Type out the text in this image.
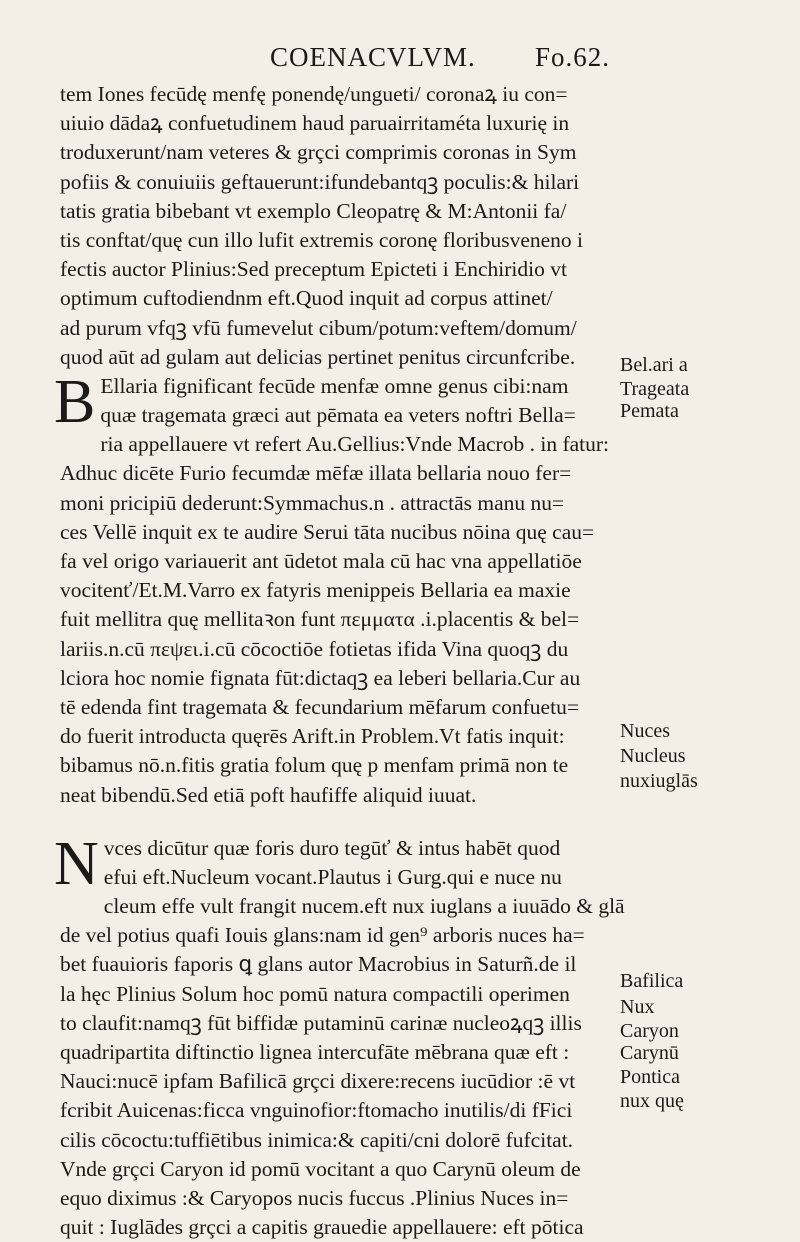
COENACVLVM. Fo.62.
tem Iones fecūdę menfę ponendę/ungueti/ coronaꝝ iu con=
uiuio dādaꝝ confuetudinem haud paruairritaméta luxurię in
troduxerunt/nam veteres & grçci comprimis coronas in Sym
pofiis & conuiuiis geftauerunt:ifundebantqꝫ poculis:& hilari
tatis gratia bibebant vt exemplo Cleopatrę & M:Antonii fa/
tis conftat/quę cun illo lufit extremis coronę floribusveneno i
fectis auctor Plinius:Sed preceptum Epicteti i Enchiridio vt
optimum cuftodiendnm eft.Quod inquit ad corpus attinet/
ad purum vfqꝫ vfū fumevelut cibum/potum:veftem/domum/
quod aūt ad gulam aut delicias pertinet penitus circunfcribe.
B Ellaria fignificant fecūde menfæ omne genus cibi:nam
quæ tragemata græci aut pēmata ea veters noftri Bella=
ria appellauere vt refert Au.Gellius:Vnde Macrob . in fatur:
Adhuc dicēte Furio fecumdæ mēfæ illata bellaria nouo fer=
moni pricipiū dederunt:Symmachus.n . attractās manu nu=
ces Vellē inquit ex te audire Serui tāta nucibus nōina quę cau=
fa vel origo variauerit ant ūdetot mala cū hac vna appellatiōe
vocitenť/Et.M.Varro ex fatyris menippeis Bellaria ea maxie
fuit mellitra quę mellitaꝛon funt πεμματα .i.placentis & bel=
lariis.n.cū πεψει.i.cū cōcoctiōe fotietas ifida Vina quoqꝫ du
lciora hoc nomie fignata fūt:dictaqꝫ ea leberi bellaria.Cur au
tē edenda fint tragemata & fecundarium mēfarum confuetu=
do fuerit introducta quęrēs Arift.in Problem.Vt fatis inquit:
bibamus nō.n.fitis gratia folum quę p menfam primā non te
neat bibendū.Sed etiā poft haufiffe aliquid iuuat.
N vces dicūtur quæ foris duro tegūť & intus habēt quod
efui eft.Nucleum vocant.Plautus i Gurg.qui e nuce nu
cleum effe vult frangit nucem.eft nux iuglans a iuuādo & glā
de vel potius quafi Iouis glans:nam id gen⁹ arboris nuces ha=
bet fuauioris faporis ꝗ glans autor Macrobius in Saturñ.de il
la hęc Plinius Solum hoc pomū natura compactili operimen
to claufit:namqꝫ fūt biffidæ putaminū carinæ nucleoꝝqꝫ illis
quadripartita diftinctio lignea intercufāte mēbrana quæ eft :
Nauci:nucē ipfam Bafilicā grçci dixere:recens iucūdior :ē vt
fcribit Auicenas:ficca vnguinofior:ftomacho inutilis/di fFici
cilis cōcoctu:tuffiētibus inimica:& capiti/cni dolorē fufcitat.
Vnde grçci Caryon id pomū vocitant a quo Carynū oleum de
equo diximus :& Caryopos nucis fuccus .Plinius Nuces in=
quit : Iuglādes grçci a capitis grauedie appellauere: eft pōtica
Bel.ari a
Trageata
Pemata
Nuces
Nucleus
nuxiuglās
Bafilica
Nux
Caryon
Carynū
Pontica
nux quę
